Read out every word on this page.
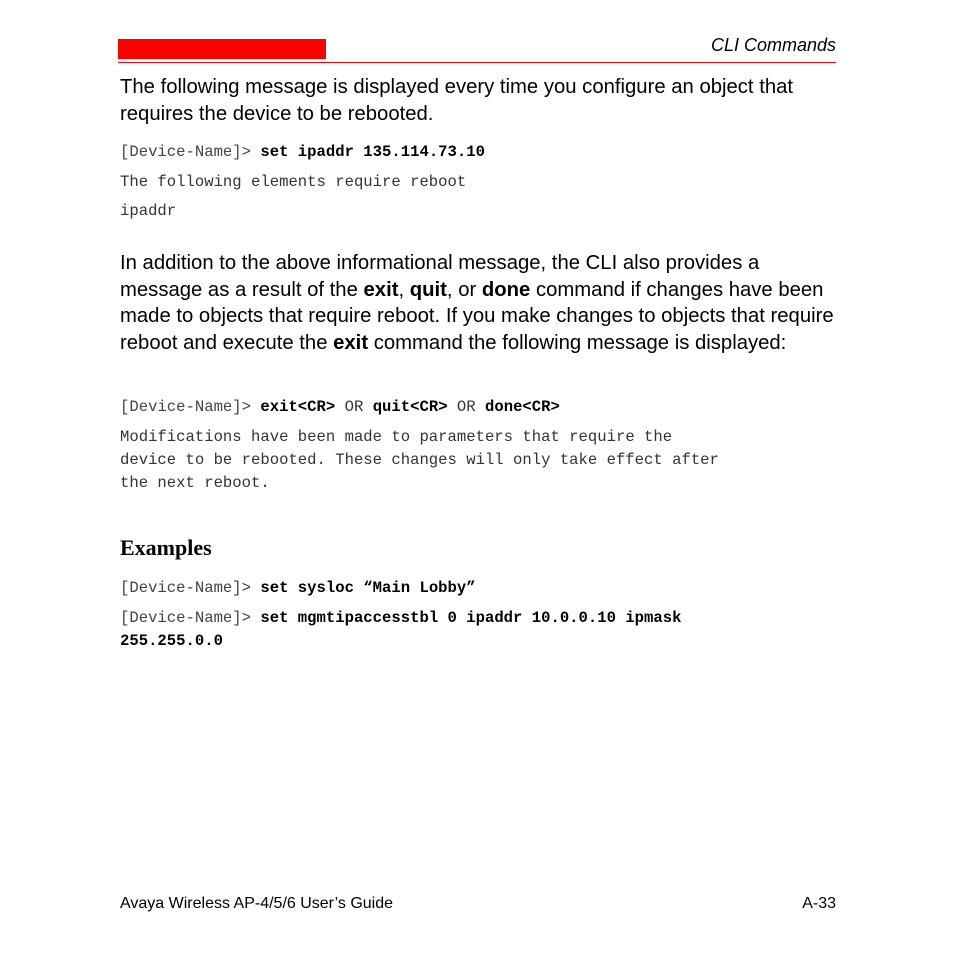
CLI Commands

The following message is displayed every time you configure an object that requires the device to be rebooted.

[Device-Name]> set ipaddr 135.114.73.10
The following elements require reboot
ipaddr

In addition to the above informational message, the CLI also provides a message as a result of the exit, quit, or done command if changes have been made to objects that require reboot. If you make changes to objects that require reboot and execute the exit command the following message is displayed:

[Device-Name]> exit<CR> OR quit<CR> OR done<CR>
Modifications have been made to parameters that require the
device to be rebooted. These changes will only take effect after
the next reboot.
Examples
[Device-Name]> set sysloc “Main Lobby”
[Device-Name]> set mgmtipaccesstbl 0 ipaddr 10.0.0.10 ipmask
255.255.0.0
Avaya Wireless AP-4/5/6 User’s Guide	A-33
